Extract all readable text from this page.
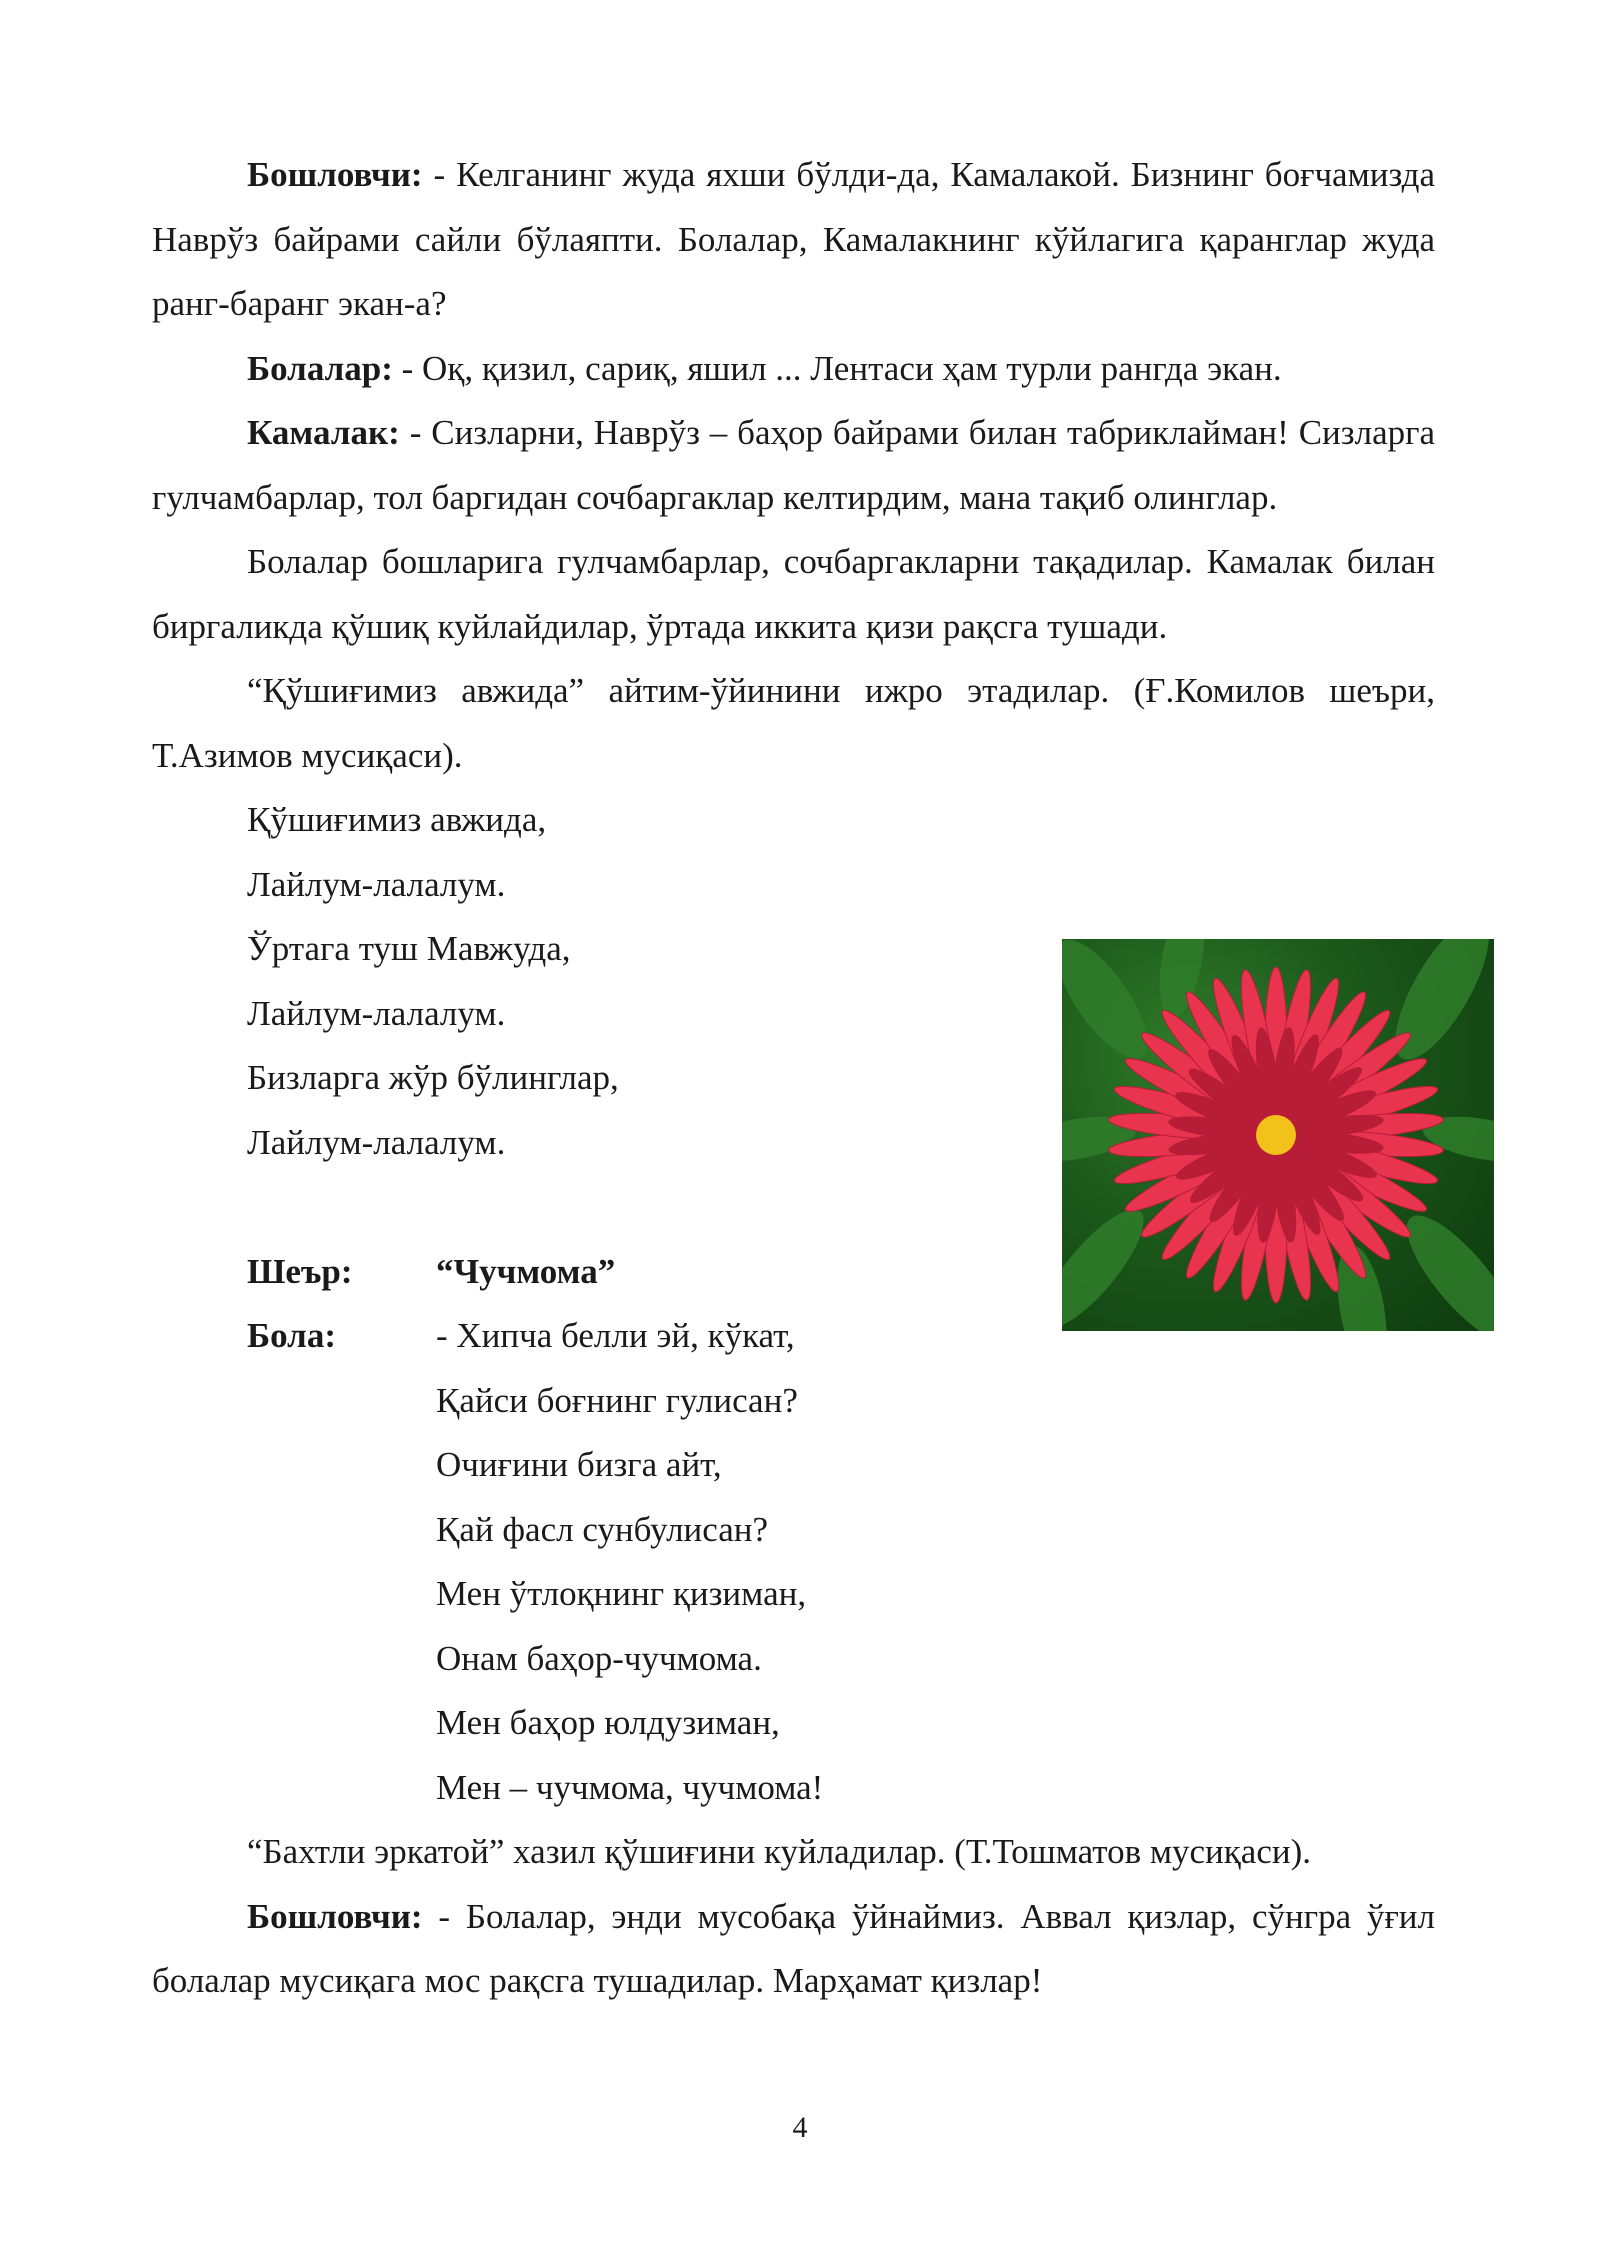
Бошловчи: - Келганинг жуда яхши бўлди-да, Камалакой. Бизнинг боғчамизда Наврўз байрами сайли бўлаяпти. Болалар, Камалакнинг кўйлагига қаранглар жуда ранг-баранг экан-а?

Болалар: - Оқ, қизил, сариқ, яшил ... Лентаси ҳам турли рангда экан.

Камалак: - Сизларни, Наврўз – баҳор байрами билан табриклайман! Сизларга гулчамбарлар, тол баргидан сочбаргаклар келтирдим, мана тақиб олинглар.

Болалар бошларига гулчамбарлар, сочбаргакларни тақадилар. Камалак билан биргаликда қўшиқ куйлайдилар, ўртада иккита қизи рақсга тушади.

“Қўшиғимиз авжида” айтим-ўйинини ижро этадилар. (Ғ.Комилов шеъри, Т.Азимов мусиқаси).

Қўшиғимиз авжида,
Лайлум-лалалум.
Ўртага туш Мавжуда,
Лайлум-лалалум.
Бизларга жўр бўлинглар,
Лайлум-лалалум.
Шеър:	“Чучмома”
Бола:	- Хипча белли эй, кўкат,
Қайси боғнинг гулисан?
Очиғини бизга айт,
Қай фасл сунбулисан?
Мен ўтлоқнинг қизиман,
Онам баҳор-чучмома.
Мен баҳор юлдузиман,
Мен – чучмома, чучмома!

“Бахтли эркатой” хазил қўшиғини куйладилар. (Т.Тошматов мусиқаси).

Бошловчи: - Болалар, энди мусобақа ўйнаймиз. Аввал қизлар, сўнгра ўғил болалар мусиқага мос рақсга тушадилар. Марҳамат қизлар!

4
